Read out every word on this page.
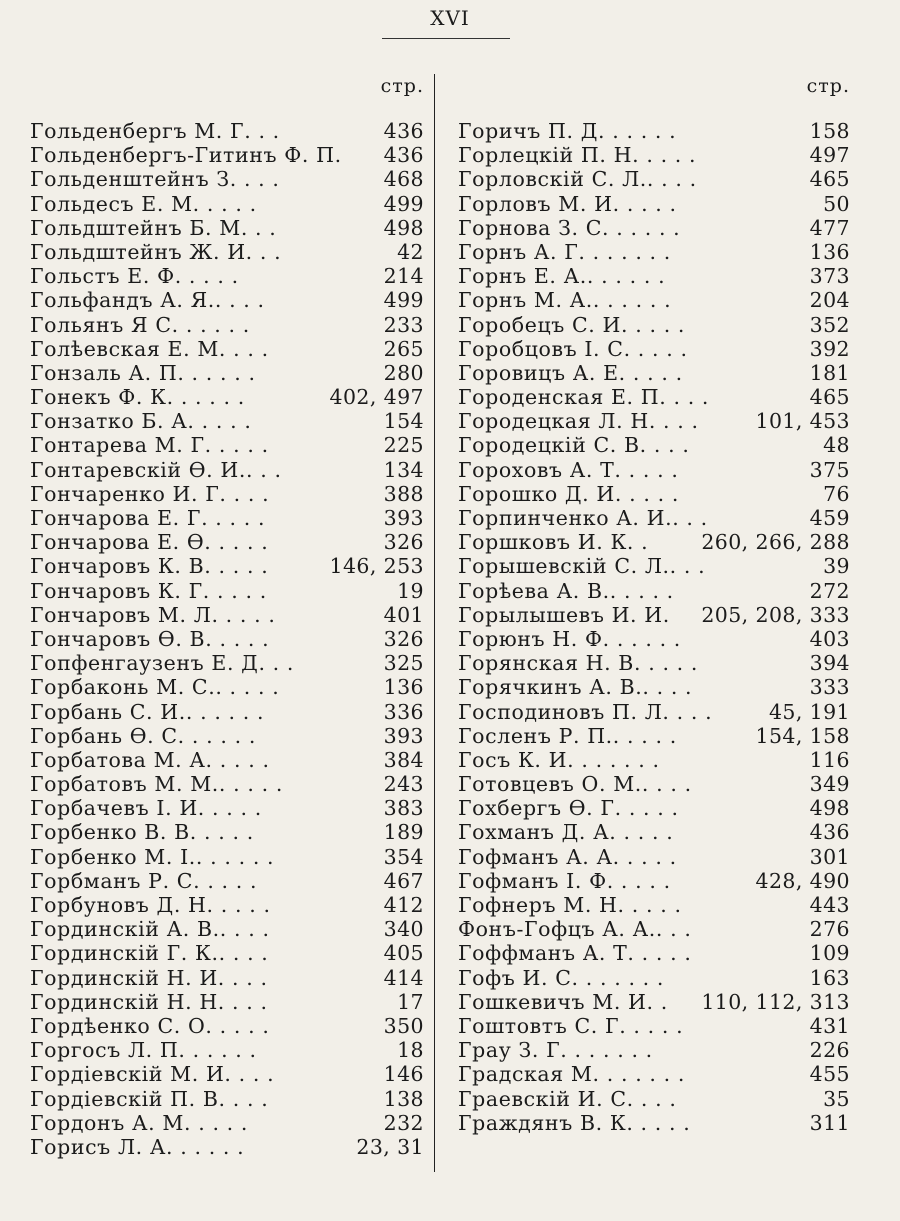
XVI
стр.
Гольденбергъ М. Г. . .	436
Гольденбергъ-Гитинъ Ф. П. 436
Гольденштейнъ З. . . .	468
Гольдесъ Е. М. . . . .	499
Гольдштейнъ Б. М. . .	498
Гольдштейнъ Ж. И. . .	42
Гольстъ Е. Ф. . . . .	214
Гольфандъ А. Я.. . . .	499
Гольянъ Я С. . . . . .	233
Голѣевская Е. М. . . .	265
Гонзаль А. П. . . . . .	280
Гонекъ Ф. К. . . . . .	402, 497
Гонзатко Б. А. . . . .	154
Гонтарева М. Г. . . . .	225
Гонтаревскій Ѳ. И.. . .	134
Гончаренко И. Г. . . .	388
Гончарова Е. Г. . . . .	393
Гончарова Е. Ѳ. . . . .	326
Гончаровъ К. В. . . . .	146, 253
Гончаровъ К. Г. . . . .	19
Гончаровъ М. Л. . . . .	401
Гончаровъ Ѳ. В. . . . .	326
Гопфенгаузенъ Е. Д. . .	325
Горбаконь М. С.. . . . .	136
Горбань С. И.. . . . . .	336
Горбань Ѳ. С. . . . . .	393
Горбатова М. А. . . . .	384
Горбатовъ М. М.. . . . .	243
Горбачевъ І. И. . . . .	383
Горбенко В. В. . . . .	189
Горбенко М. І.. . . . . .	354
Горбманъ Р. С. . . . .	467
Горбуновъ Д. Н. . . . .	412
Гординскій А. В.. . . .	340
Гординскій Г. К.. . . .	405
Гординскій Н. И. . . .	414
Гординскій Н. Н. . . .	17
Гордѣенко С. О. . . . .	350
Горгосъ Л. П. . . . . .	18
Гордіевскій М. И. . . .	146
Гордіевскій П. В. . . .	138
Гордонъ А. М. . . . .	232
Горисъ Л. А. . . . . .	23, 31
стр.
Горичъ П. Д. . . . . .	158
Горлецкій П. Н. . . . .	497
Горловскій С. Л.. . . .	465
Горловъ М. И. . . . .	50
Горнова З. С. . . . . .	477
Горнъ А. Г. . . . . . .	136
Горнъ Е. А.. . . . . .	373
Горнъ М. А.. . . . . .	204
Горобецъ С. И. . . . .	352
Горобцовъ І. С. . . . .	392
Горовицъ А. Е. . . . .	181
Городенская Е. П. . . .	465
Городецкая Л. Н. . . .	101, 453
Городецкій С. В. . . .	48
Гороховъ А. Т. . . . .	375
Горошко Д. И. . . . .	76
Горпинченко А. И.. . .	459
Горшковъ И. К. .	260, 266, 288
Горышевскій С. Л.. . .	39
Горѣева А. В.. . . . .	272
Горылышевъ И. И. 205, 208, 333
Горюнъ Н. Ф. . . . . .	403
Горянская Н. В. . . . .	394
Горячкинъ А. В.. . . .	333
Господиновъ П. Л. . . .	45, 191
Госленъ Р. П.. . . . .	154, 158
Госъ К. И. . . . . . .	116
Готовцевъ О. М.. . . .	349
Гохбергъ Ѳ. Г. . . . .	498
Гохманъ Д. А. . . . .	436
Гофманъ А. А. . . . .	301
Гофманъ І. Ф. . . . .	428, 490
Гофнеръ М. Н. . . . .	443
Фонъ-Гофцъ А. А.. . .	276
Гоффманъ А. Т. . . . .	109
Гофъ И. С. . . . . . .	163
Гошкевичъ М. И. . 110, 112, 313
Гоштовтъ С. Г. . . . .	431
Грау З. Г. . . . . . .	226
Градская М. . . . . . .	455
Граевскій И. С. . . .	35
Граждянъ В. К. . . . .	311
